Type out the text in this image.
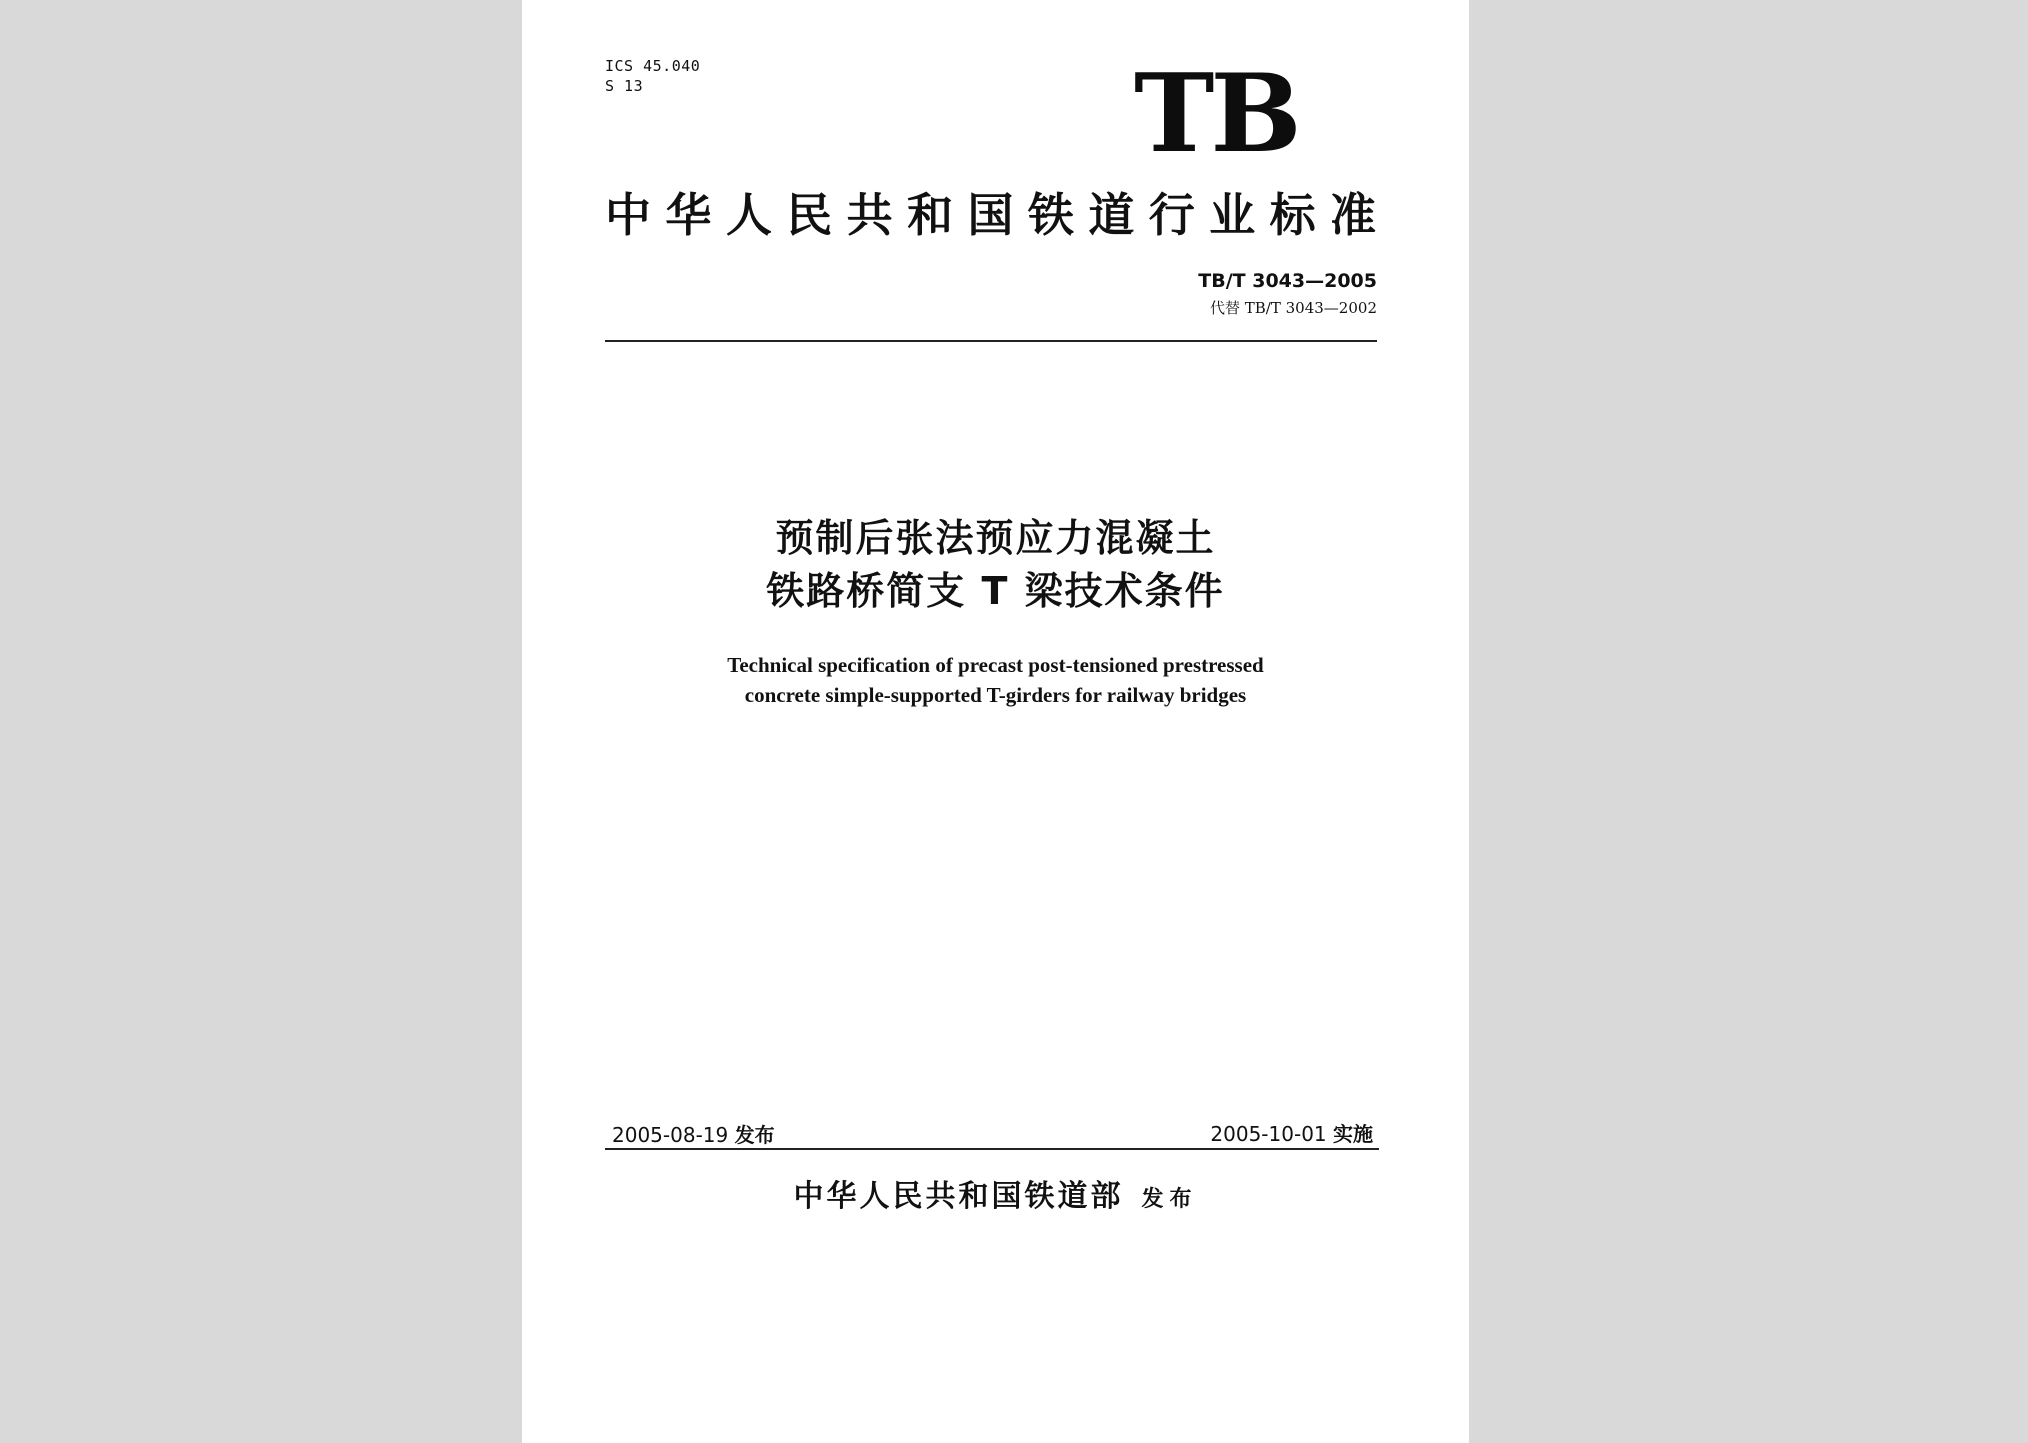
ICS 45.040
S 13	TB
中华人民共和国铁道行业标准
TB/T 3043—2005
代替 TB/T 3043—2002
预制后张法预应力混凝土
铁路桥简支 T 梁技术条件
Technical specification of precast post-tensioned prestressed
concrete simple-supported T-girders for railway bridges
2005-08-19 发布	2005-10-01 实施
中华人民共和国铁道部 发布
